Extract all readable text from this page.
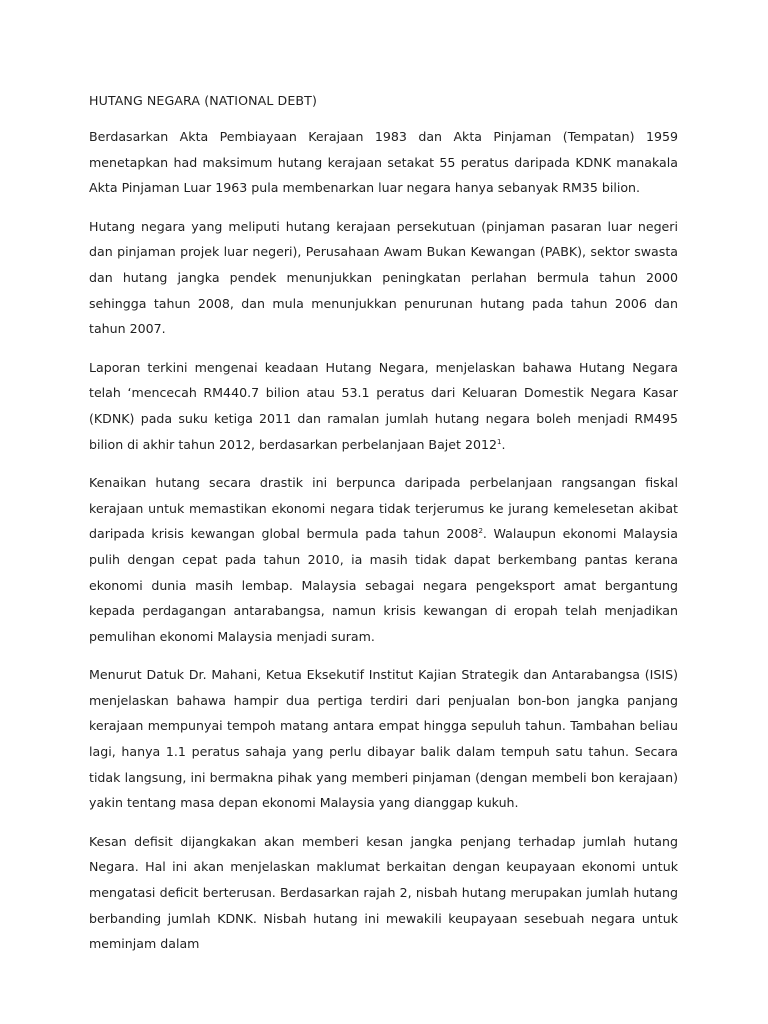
HUTANG NEGARA (NATIONAL DEBT)

Berdasarkan Akta Pembiayaan Kerajaan 1983 dan Akta Pinjaman (Tempatan) 1959 menetapkan had maksimum hutang kerajaan setakat 55 peratus daripada KDNK manakala Akta Pinjaman Luar 1963 pula membenarkan luar negara hanya sebanyak RM35 bilion.

Hutang negara yang meliputi hutang kerajaan persekutuan (pinjaman pasaran luar negeri dan pinjaman projek luar negeri), Perusahaan Awam Bukan Kewangan (PABK), sektor swasta dan hutang jangka pendek menunjukkan peningkatan perlahan bermula tahun 2000 sehingga tahun 2008, dan mula menunjukkan penurunan hutang pada tahun 2006 dan tahun 2007.

Laporan terkini mengenai keadaan Hutang Negara, menjelaskan bahawa Hutang Negara telah ‘mencecah RM440.7 bilion atau 53.1 peratus dari Keluaran Domestik Negara Kasar (KDNK) pada suku ketiga 2011 dan ramalan jumlah hutang negara boleh menjadi RM495 bilion di akhir tahun 2012, berdasarkan perbelanjaan Bajet 2012$^1$.

Kenaikan hutang secara drastik ini berpunca daripada perbelanjaan rangsangan fiskal kerajaan untuk memastikan ekonomi negara tidak terjerumus ke jurang kemelesetan akibat daripada krisis kewangan global bermula pada tahun 2008$^2$. Walaupun ekonomi Malaysia pulih dengan cepat pada tahun 2010, ia masih tidak dapat berkembang pantas kerana ekonomi dunia masih lembap. Malaysia sebagai negara pengeksport amat bergantung kepada perdagangan antarabangsa, namun krisis kewangan di eropah telah menjadikan pemulihan ekonomi Malaysia menjadi suram.

Menurut Datuk Dr. Mahani, Ketua Eksekutif Institut Kajian Strategik dan Antarabangsa (ISIS) menjelaskan bahawa hampir dua pertiga terdiri dari penjualan bon-bon jangka panjang kerajaan mempunyai tempoh matang antara empat hingga sepuluh tahun. Tambahan beliau lagi, hanya 1.1 peratus sahaja yang perlu dibayar balik dalam tempuh satu tahun. Secara tidak langsung, ini bermakna pihak yang memberi pinjaman (dengan membeli bon kerajaan) yakin tentang masa depan ekonomi Malaysia yang dianggap kukuh.

Kesan defisit dijangkakan akan memberi kesan jangka penjang terhadap jumlah hutang Negara. Hal ini akan menjelaskan maklumat berkaitan dengan keupayaan ekonomi untuk mengatasi deficit berterusan. Berdasarkan rajah 2, nisbah hutang merupakan jumlah hutang berbanding jumlah KDNK. Nisbah hutang ini mewakili keupayaan sesebuah negara untuk meminjam dalam
